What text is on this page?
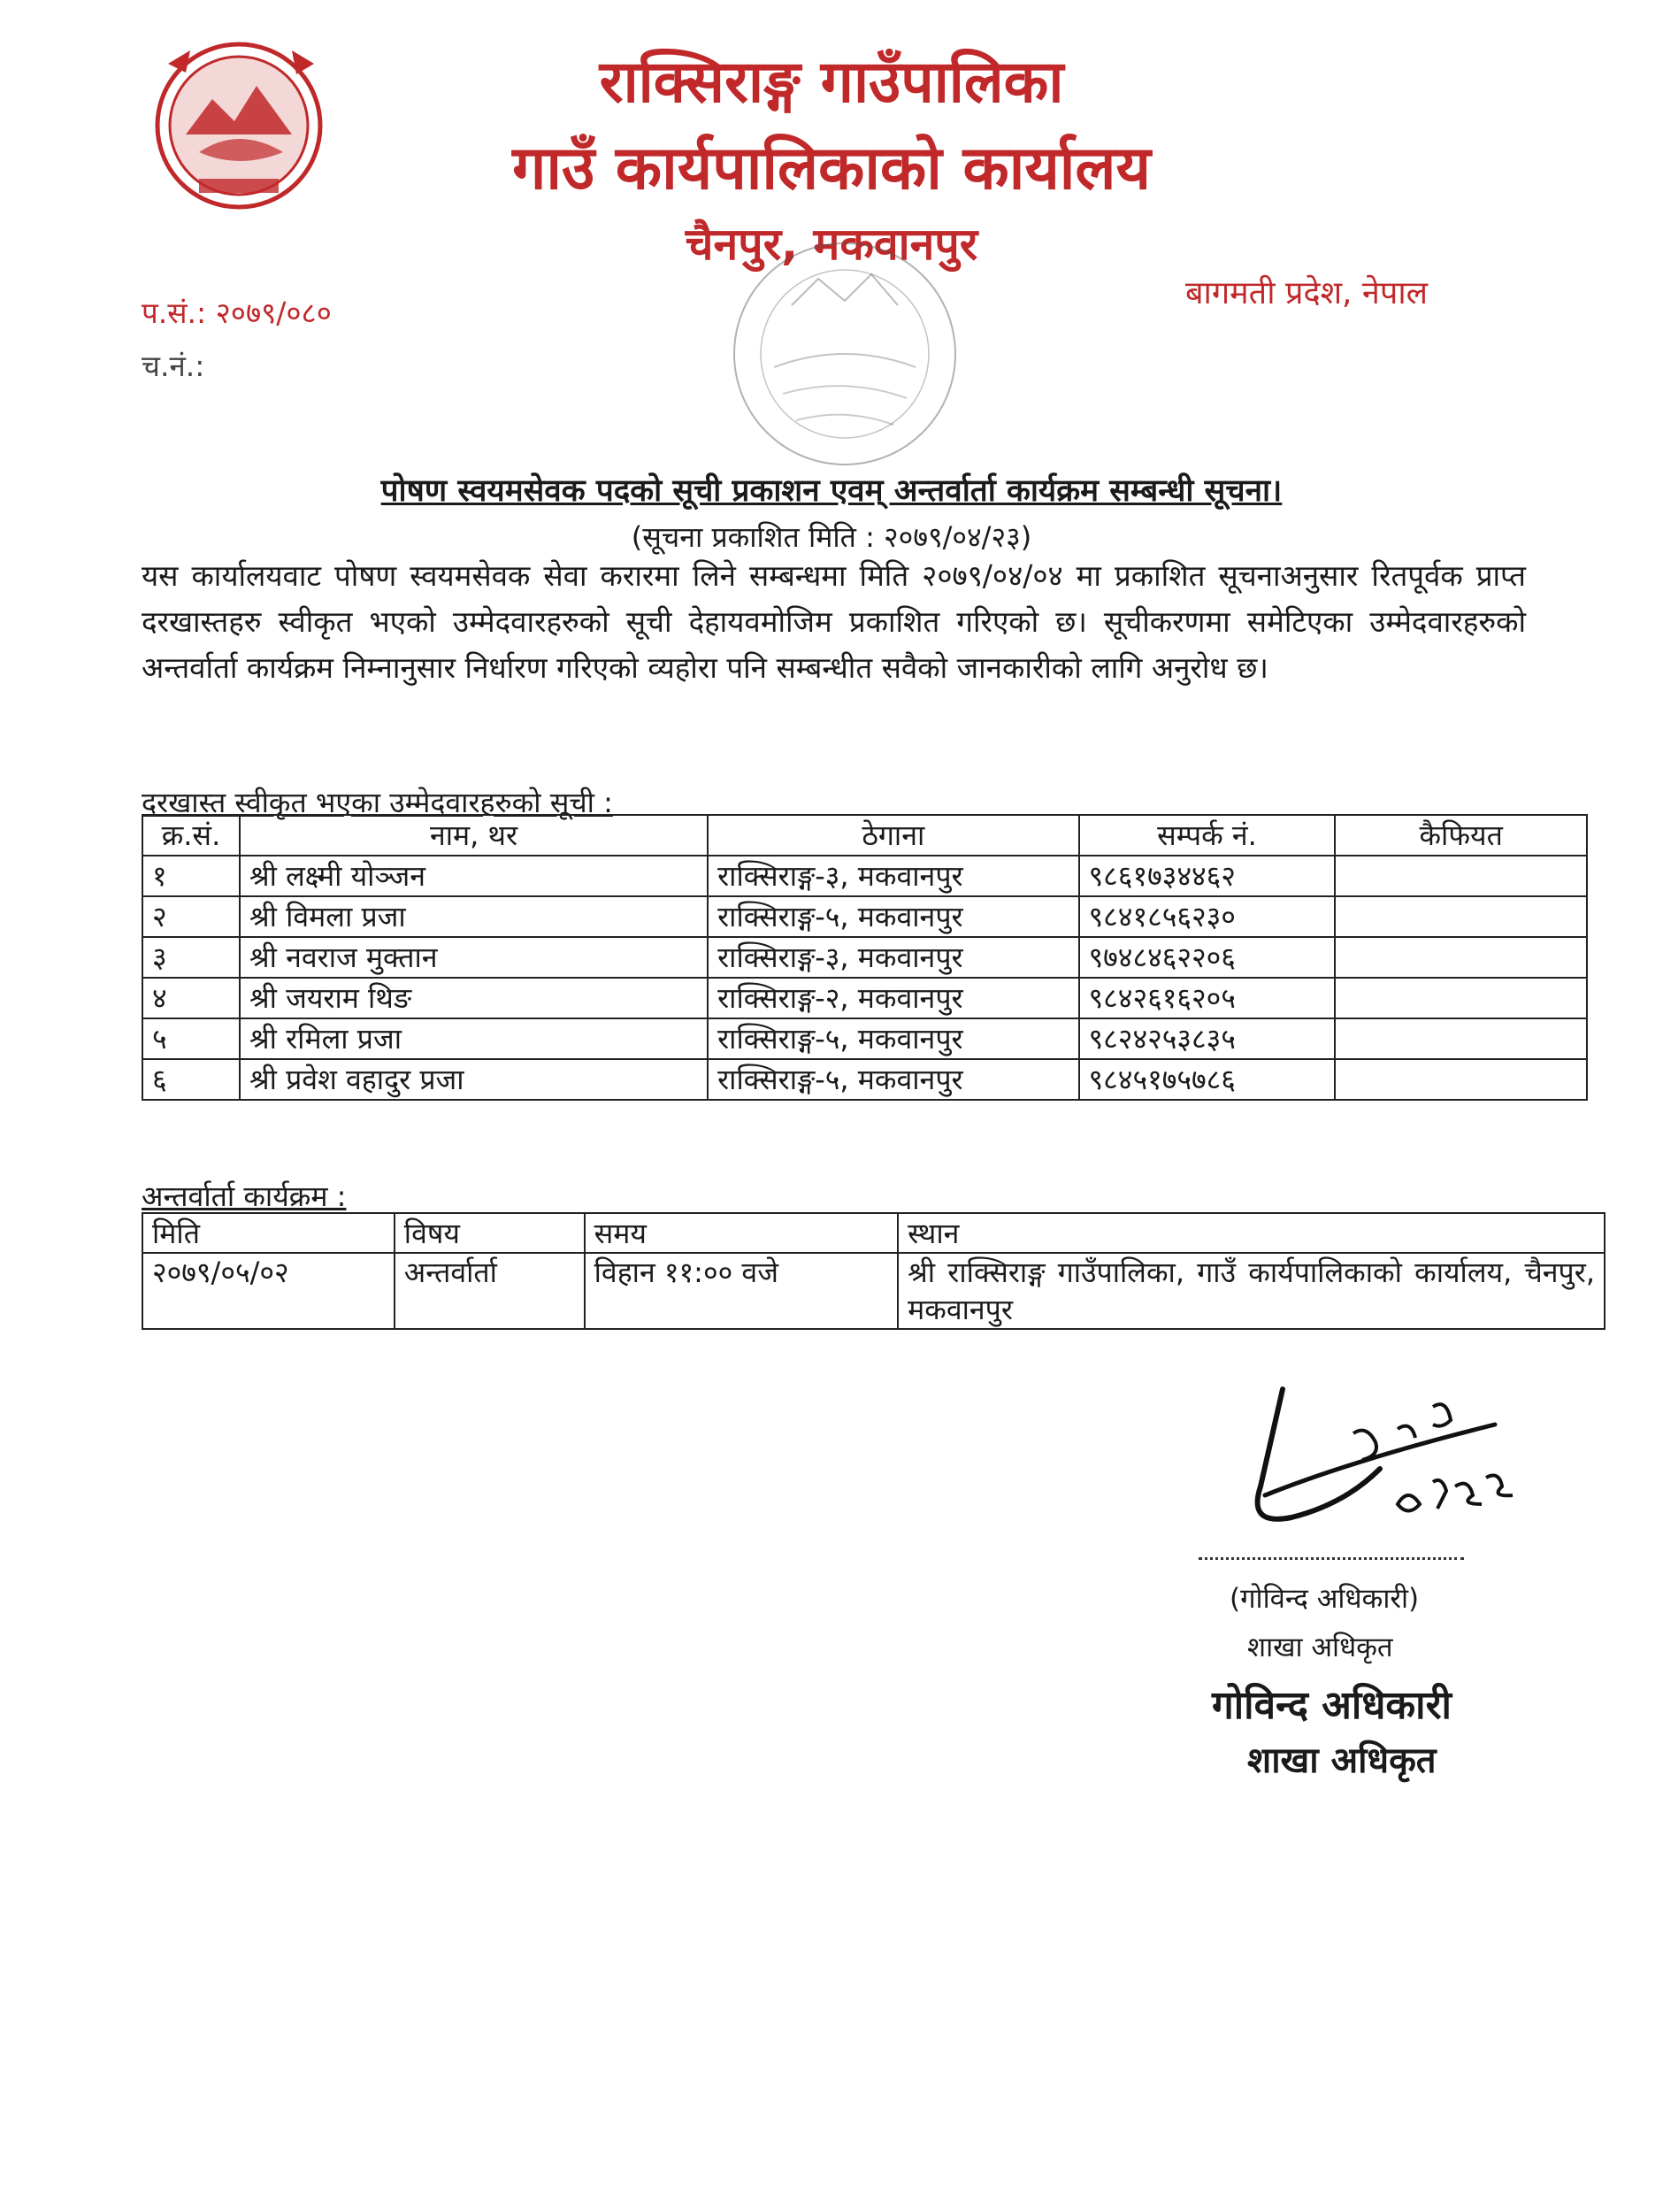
राक्सिराङ्ग गाउँपालिका
गाउँ कार्यपालिकाको कार्यालय
चैनपुर, मकवानपुर
बागमती प्रदेश, नेपाल
प.सं.: २०७९/०८०
च.नं.:
पोषण स्वयमसेवक पदको सूची प्रकाशन एवम् अन्तर्वार्ता कार्यक्रम सम्बन्धी सूचना।
(सूचना प्रकाशित मिति : २०७९/०४/२३)
यस कार्यालयवाट पोषण स्वयमसेवक सेवा करारमा लिने सम्बन्धमा मिति २०७९/०४/०४ मा प्रकाशित सूचनाअनुसार रितपूर्वक प्राप्त दरखास्तहरु स्वीकृत भएको उम्मेदवारहरुको सूची देहायवमोजिम प्रकाशित गरिएको छ। सूचीकरणमा समेटिएका उम्मेदवारहरुको अन्तर्वार्ता कार्यक्रम निम्नानुसार निर्धारण गरिएको व्यहोरा पनि सम्बन्धीत सवैको जानकारीको लागि अनुरोध छ।
दरखास्त स्वीकृत भएका उम्मेदवारहरुको सूची :
क्र.सं.	नाम, थर	ठेगाना	सम्पर्क नं.	कैफियत
१	श्री लक्ष्मी योञ्जन	राक्सिराङ्ग-३, मकवानपुर	९८६१७३४४६२	
२	श्री विमला प्रजा	राक्सिराङ्ग-५, मकवानपुर	९८४१८५६२३०	
३	श्री नवराज मुक्तान	राक्सिराङ्ग-३, मकवानपुर	९७४८४६२२०६	
४	श्री जयराम थिङ	राक्सिराङ्ग-२, मकवानपुर	९८४२६१६२०५	
५	श्री रमिला प्रजा	राक्सिराङ्ग-५, मकवानपुर	९८२४२५३८३५	
६	श्री प्रवेश वहादुर प्रजा	राक्सिराङ्ग-५, मकवानपुर	९८४५१७५७८६	
अन्तर्वार्ता कार्यक्रम :
मिति	विषय	समय	स्थान
२०७९/०५/०२	अन्तर्वार्ता	विहान ११:०० वजे	श्री राक्सिराङ्ग गाउँपालिका, गाउँ कार्यपालिकाको कार्यालय, चैनपुर, मकवानपुर
(गोविन्द अधिकारी)
शाखा अधिकृत
गोविन्द अधिकारी
शाखा अधिकृत
